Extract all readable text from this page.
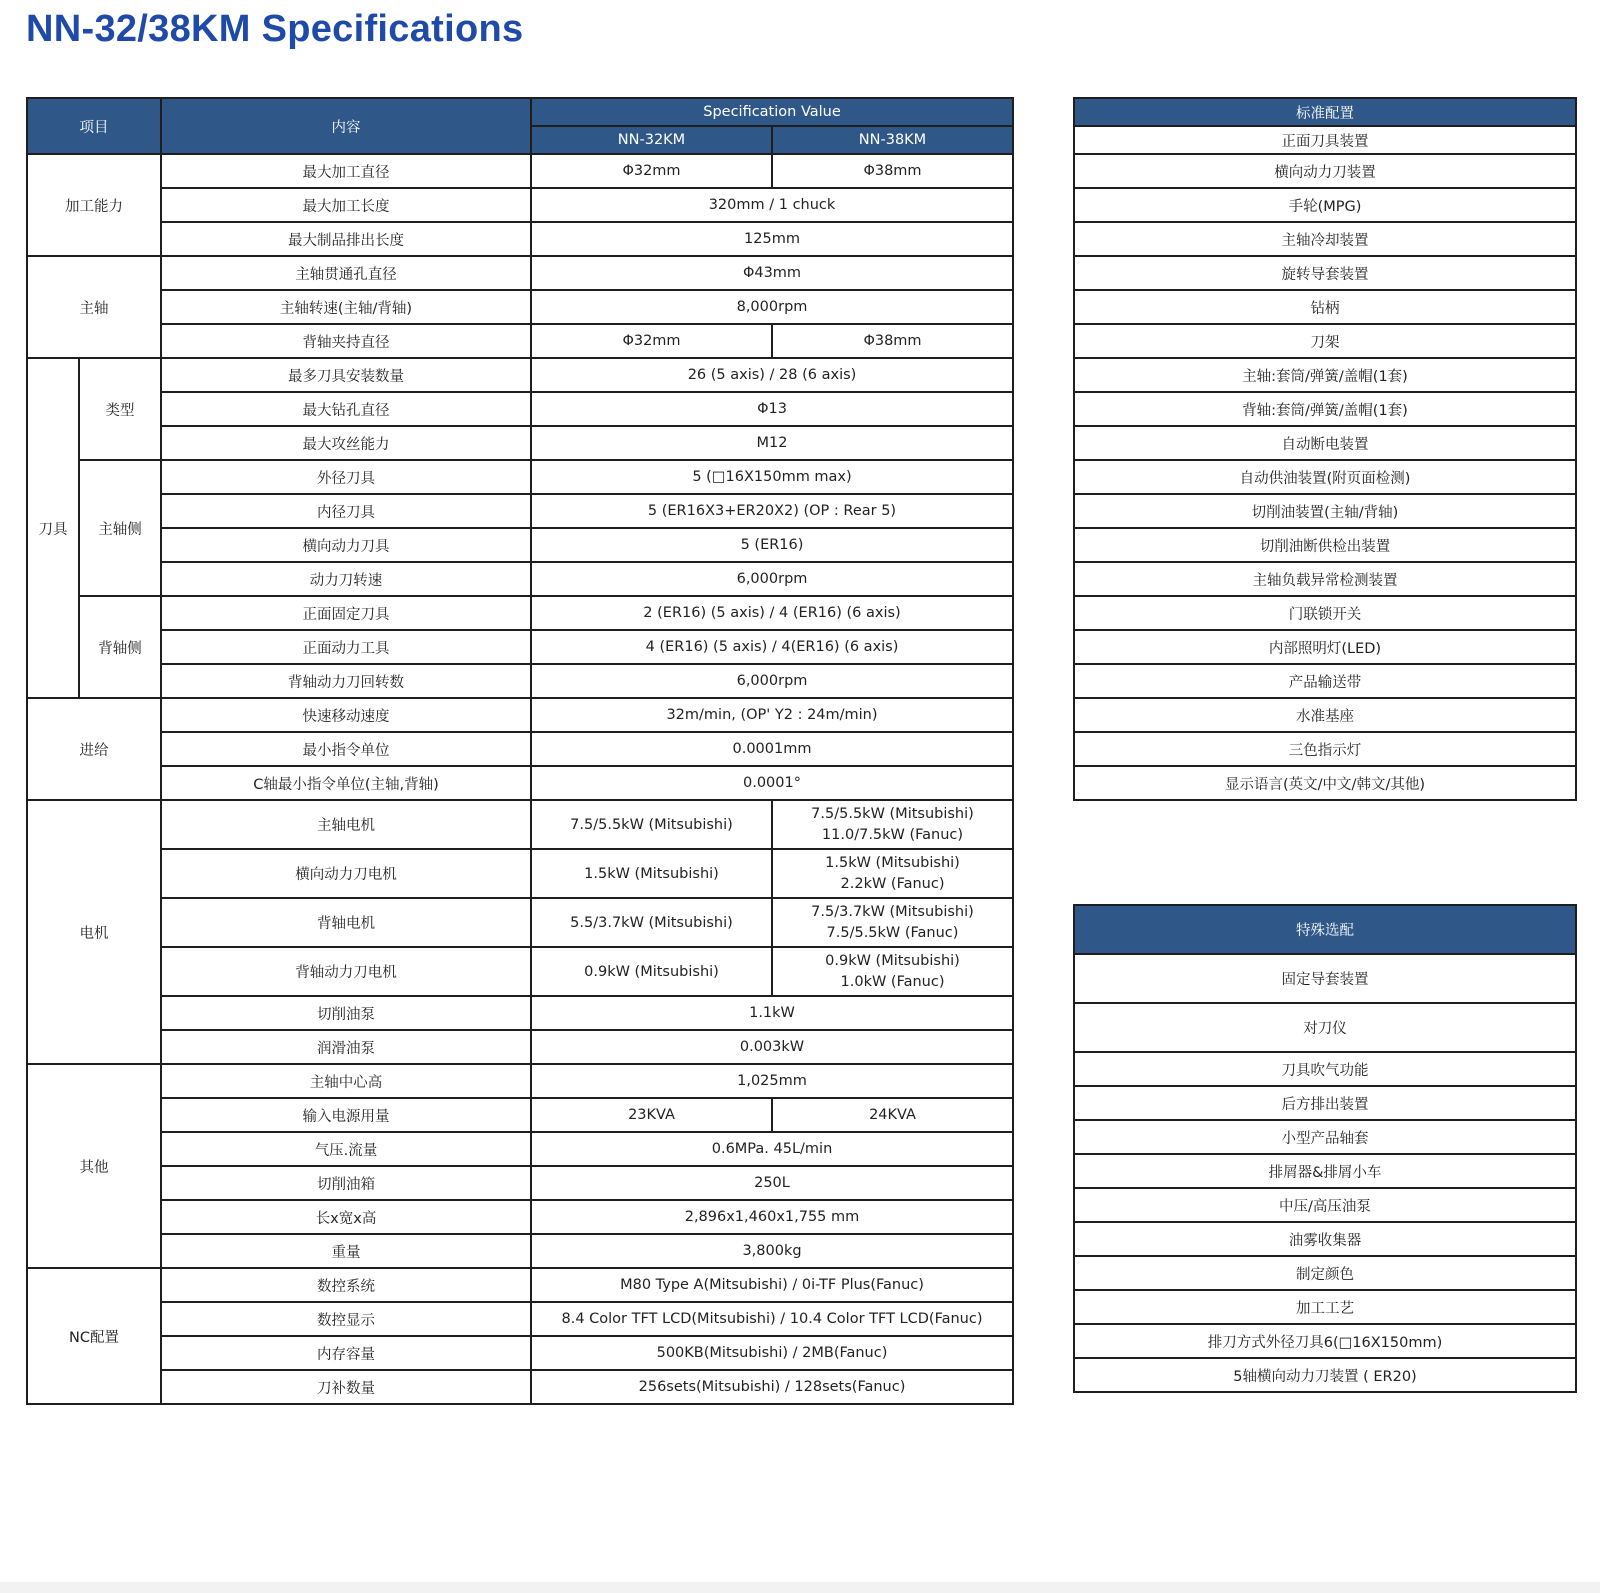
NN-32/38KM Specifications
项目		内容	Specification Value	
			NN-32KM	NN-38KM
加工能力		最大加工直径	Φ32mm	Φ38mm
		最大加工长度	320mm / 1 chuck	
		最大制品排出长度	125mm	
主轴		主轴贯通孔直径	Φ43mm	
		主轴转速(主轴/背轴)	8,000rpm	
		背轴夹持直径	Φ32mm	Φ38mm
刀具	类型	最多刀具安装数量	26 (5 axis) / 28 (6 axis)	
		最大钻孔直径	Φ13	
		最大攻丝能力	M12	
	主轴侧	外径刀具	5 (□16X150mm max)	
		内径刀具	5 (ER16X3+ER20X2) (OP : Rear 5)	
		横向动力刀具	5 (ER16)	
		动力刀转速	6,000rpm	
	背轴侧	正面固定刀具	2 (ER16) (5 axis) / 4 (ER16) (6 axis)	
		正面动力工具	4 (ER16) (5 axis) / 4(ER16) (6 axis)	
		背轴动力刀回转数	6,000rpm	
进给		快速移动速度	32m/min, (OP' Y2 : 24m/min)	
		最小指令单位	0.0001mm	
		C轴最小指令单位(主轴,背轴)	0.0001°	
电机		主轴电机	7.5/5.5kW (Mitsubishi)	7.5/5.5kW (Mitsubishi)
11.0/7.5kW (Fanuc)
		横向动力刀电机	1.5kW (Mitsubishi)	1.5kW (Mitsubishi)
2.2kW (Fanuc)
		背轴电机	5.5/3.7kW (Mitsubishi)	7.5/3.7kW (Mitsubishi)
7.5/5.5kW (Fanuc)
		背轴动力刀电机	0.9kW (Mitsubishi)	0.9kW (Mitsubishi)
1.0kW (Fanuc)
		切削油泵	1.1kW	
		润滑油泵	0.003kW	
其他		主轴中心高	1,025mm	
		输入电源用量	23KVA	24KVA
		气压.流量	0.6MPa. 45L/min	
		切削油箱	250L	
		长x宽x高	2,896x1,460x1,755 mm	
		重量	3,800kg	
NC配置		数控系统	M80 Type A(Mitsubishi) / 0i-TF Plus(Fanuc)	
		数控显示	8.4 Color TFT LCD(Mitsubishi) / 10.4 Color TFT LCD(Fanuc)	
		内存容量	500KB(Mitsubishi) / 2MB(Fanuc)	
		刀补数量	256sets(Mitsubishi) / 128sets(Fanuc)	
标准配置
正面刀具装置
横向动力刀装置
手轮(MPG)
主轴冷却装置
旋转导套装置
钻柄
刀架
主轴:套筒/弹簧/盖帽(1套)
背轴:套筒/弹簧/盖帽(1套)
自动断电装置
自动供油装置(附页面检测)
切削油装置(主轴/背轴)
切削油断供检出装置
主轴负载异常检测装置
门联锁开关
内部照明灯(LED)
产品输送带
水准基座
三色指示灯
显示语言(英文/中文/韩文/其他)
特殊选配
固定导套装置
对刀仪
刀具吹气功能
后方排出装置
小型产品轴套
排屑器&排屑小车
中压/高压油泵
油雾收集器
制定颜色
加工工艺
排刀方式外径刀具6(□16X150mm)
5轴横向动力刀装置 ( ER20)
